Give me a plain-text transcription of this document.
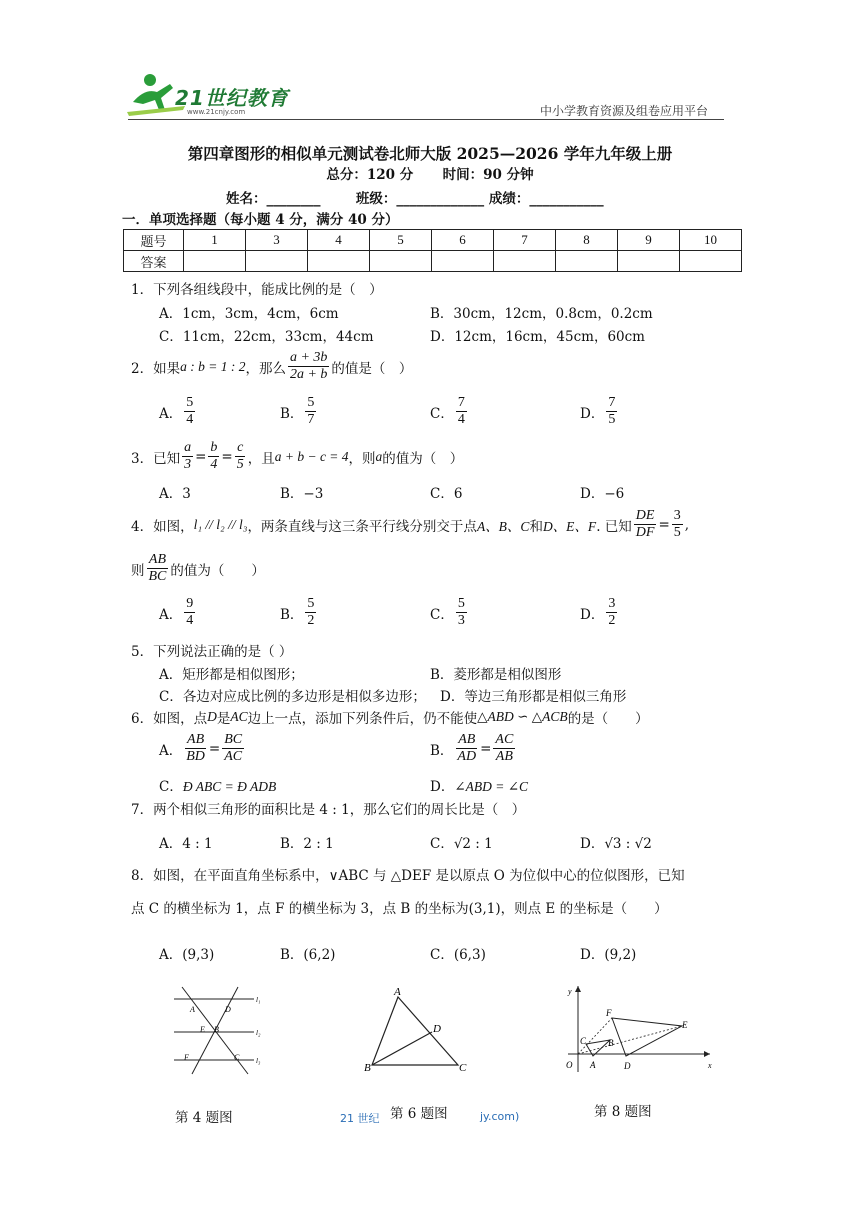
21世纪教育
www.21cnjy.com	中小学教育资源及组卷应用平台
第四章图形的相似单元测试卷北师大版 2025—2026 学年九年级上册
总分：120 分 时间：90 分钟
姓名：________	班级：_____________ 成绩：___________
一．单项选择题（每小题 4 分，满分 40 分）
题号	1	3	4	5	6	7	8	9	10
答案									
1．下列各组线段中，能成比例的是（　）
A．1cm，3cm，4cm，6cm	B．30cm，12cm，0.8cm，0.2cm
C．11cm，22cm，33cm，44cm	D．12cm，16cm，45cm，60cm
2．如果 a : b = 1 : 2 ，那么 $\frac{a + 3b}{2a + b}$ 的值是（　）
A． $\frac{5}{4}$	B． $\frac{5}{7}$	C． $\frac{7}{4}$	D． $\frac{7}{5}$
3．已知 $\frac{a}{3} = \frac{b}{4} = \frac{c}{5}$ ，且 a + b − c = 4 ，则 a 的值为（　）
A．3	B．−3	C．6	D．−6
4．如图， l₁ // l₂ // l₃ ，两条直线与这三条平行线分别交于点 A、B、C 和 D、E、F . 已知 $\frac{DE}{DF} = \frac{3}{5}$ ,
则 $\frac{AB}{BC}$ 的值为（　　）
A． $\frac{9}{4}$	B． $\frac{5}{2}$	C． $\frac{5}{3}$	D． $\frac{3}{2}$
5．下列说法正确的是（ ）
A．矩形都是相似图形；	B．菱形都是相似图形
C．各边对应成比例的多边形是相似多边形； D．等边三角形都是相似三角形
6．如图，点 D 是 AC 边上一点，添加下列条件后，仍不能使 △ABD ∽ △ACB 的是（　　）
A． $\frac{AB}{BD} = \frac{BC}{AC}$	B． $\frac{AB}{AD} = \frac{AC}{AB}$
C．Ð ABC = Ð ADB	D．∠ABD = ∠C
7．两个相似三角形的面积比是 4 : 1，那么它们的周长比是（　）
A．4 : 1	B．2 : 1	C．√2 : 1	D．√3 : √2
8．如图，在平面直角坐标系中，∨ABC 与 △DEF 是以原点 O 为位似中心的位似图形，已知
点 C 的横坐标为 1，点 F 的横坐标为 3，点 B 的坐标为(3,1)，则点 E 的坐标是（　　）
A．(9,3)	B．(6,2)	C．(6,3)	D．(9,2)
A	D
E B
F	C
l₁
l₂
l₃
第 4 题图
A
B	C
D
第 6 题图
y
x
O A	D
C B
F
E
第 8 题图
21 世纪	jy.com)
